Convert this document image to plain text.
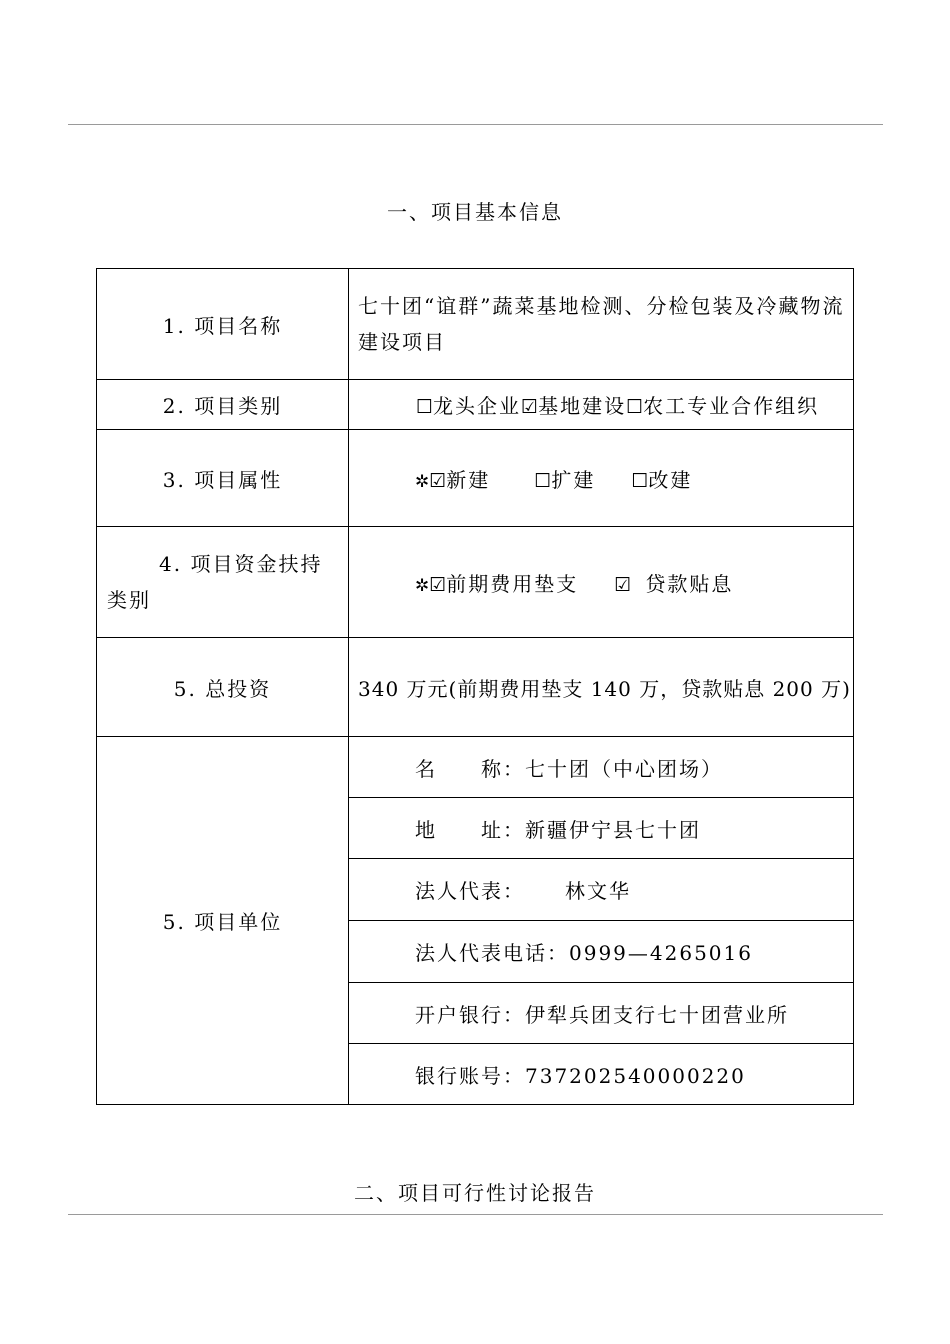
一、项目基本信息
1. 项目名称	七十团“谊群”蔬菜基地检测、分检包装及冷藏物流建设项目

2. 项目类别	☐龙头企业☑基地建设☐农工专业合作组织

3. 项目属性	✲☑新建 ☐扩建 ☐改建

4. 项目资金扶持
类别	✲☑前期费用垫支 ☑ 贷款贴息

5. 总投资	340 万元(前期费用垫支 140 万，贷款贴息 200 万)

5. 项目单位	名　　称：七十团（中心团场）
	地　　址：新疆伊宁县七十团
	法人代表： 林文华
	法人代表电话：0999—4265016
	开户银行：伊犁兵团支行七十团营业所
	银行账号：737202540000220
二、项目可行性讨论报告
